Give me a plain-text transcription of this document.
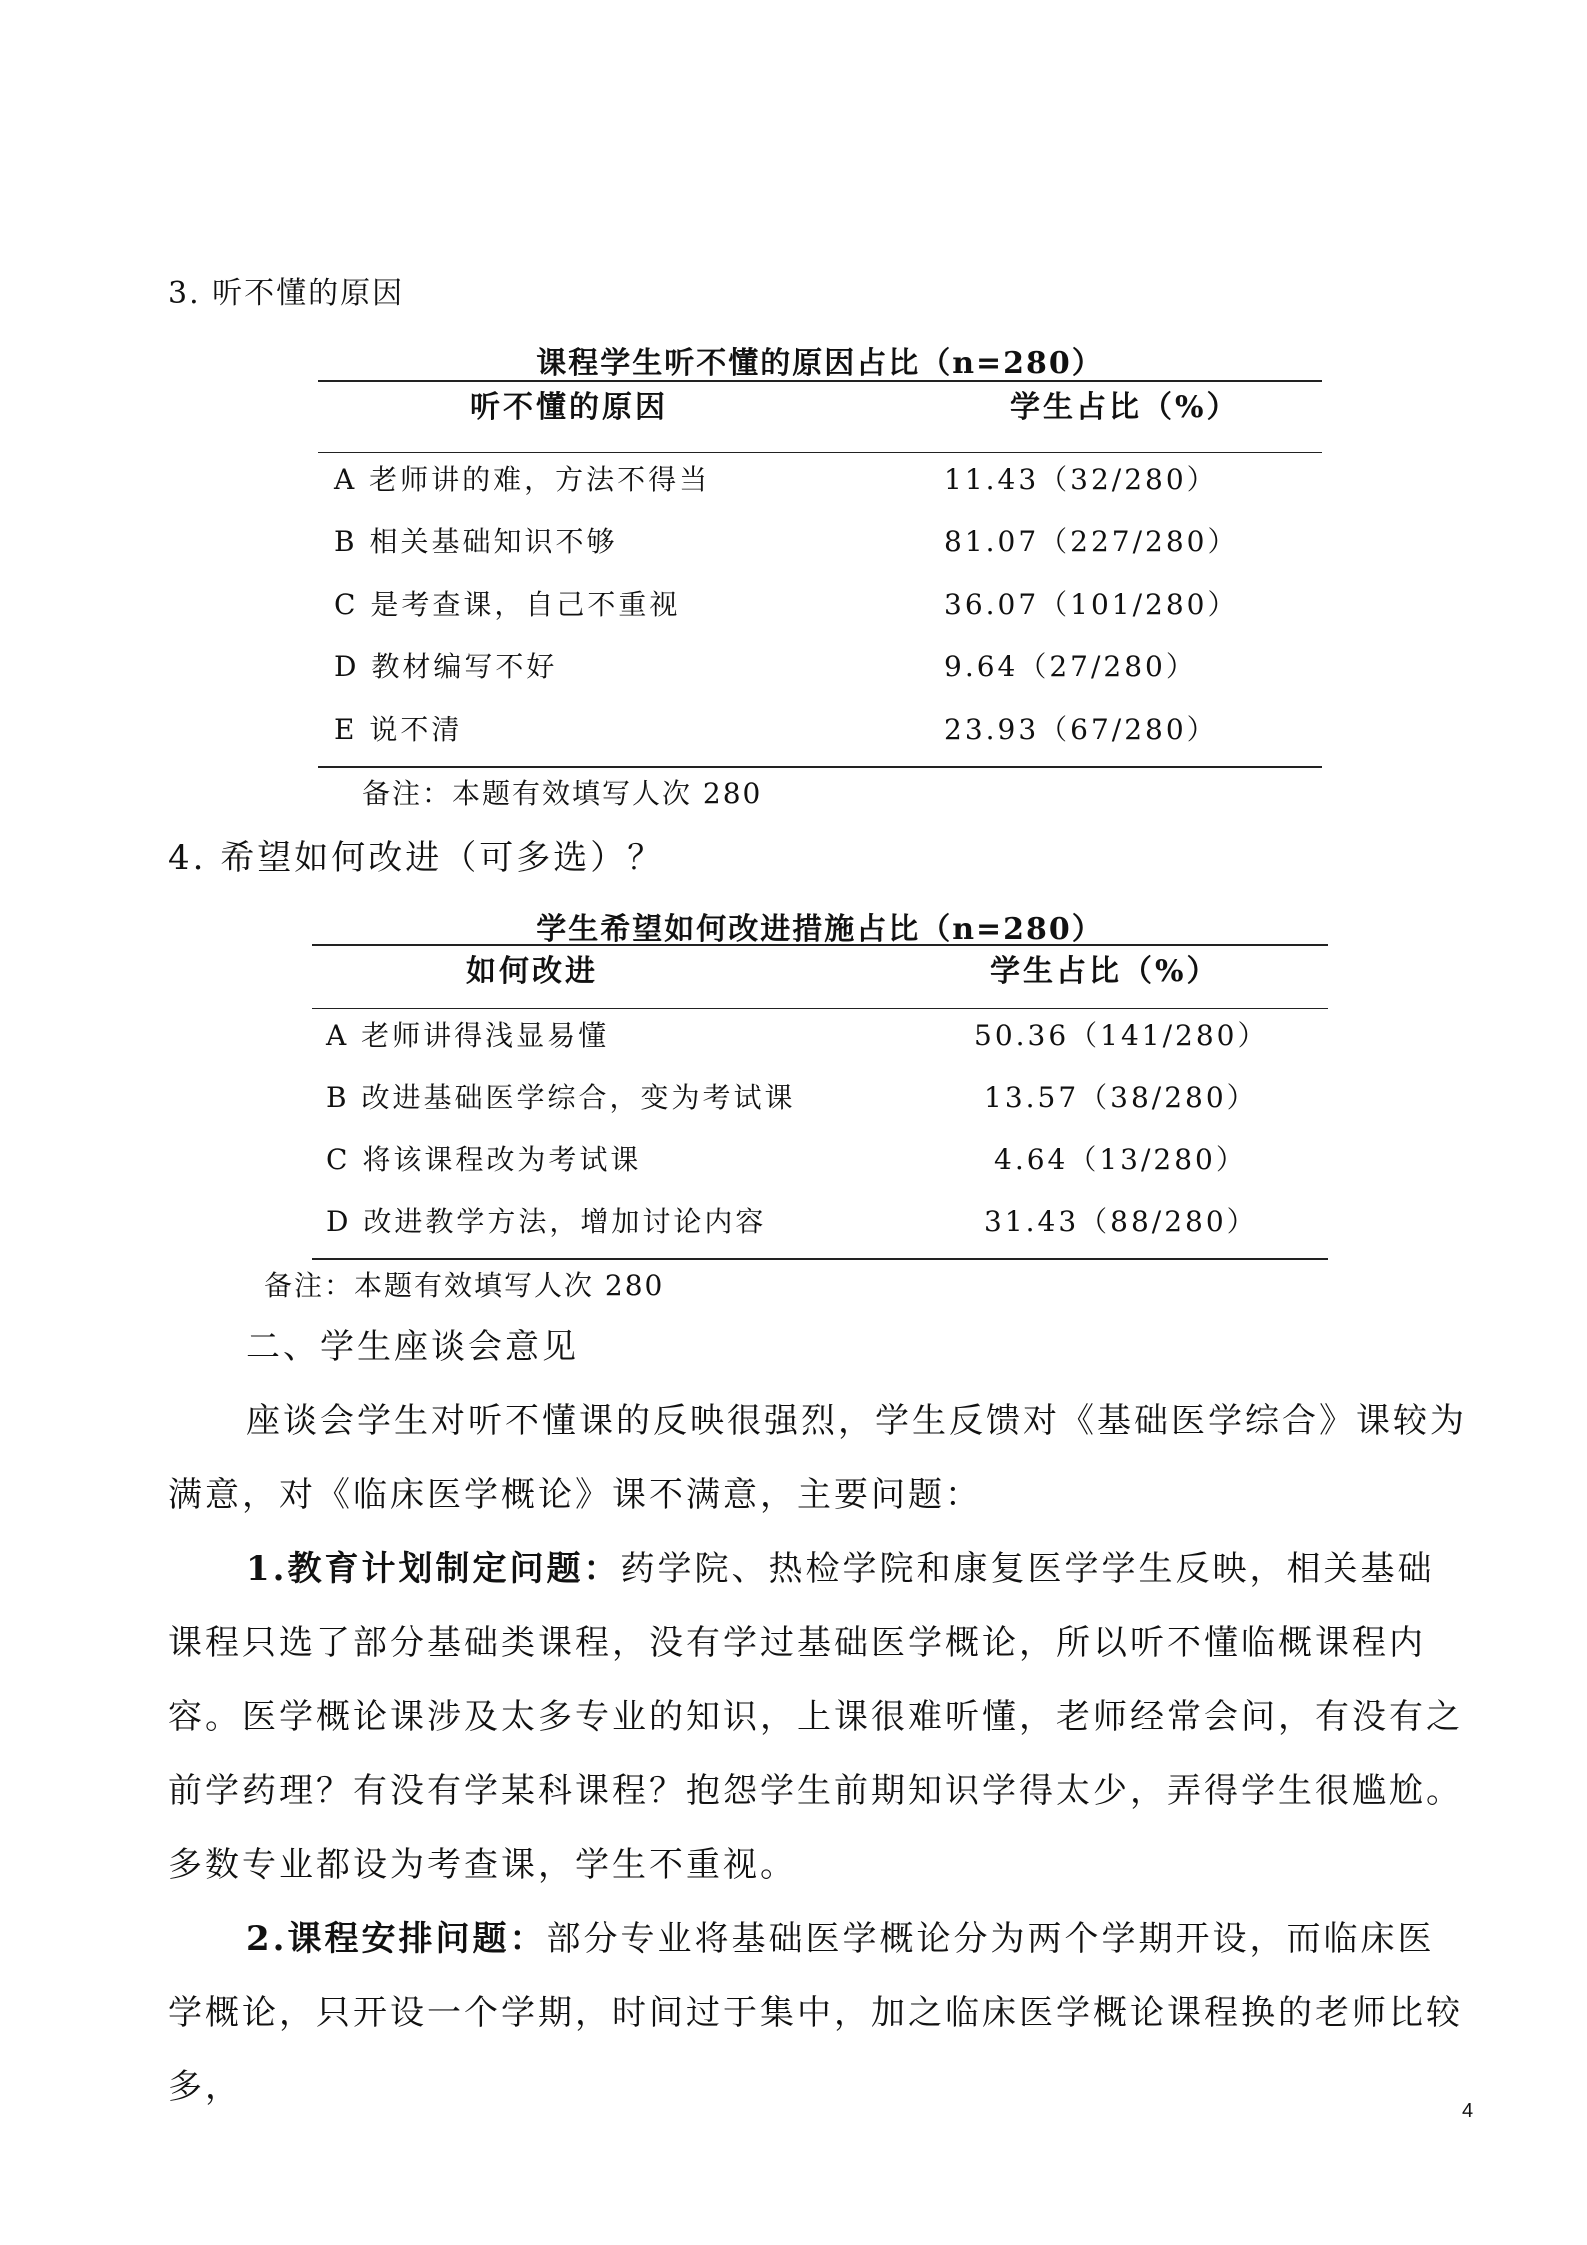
3. 听不懂的原因
课程学生听不懂的原因占比（n=280）
听不懂的原因	学生占比（%）
A 老师讲的难，方法不得当	11.43（32/280）
B 相关基础知识不够	81.07（227/280）
C 是考查课，自己不重视	36.07（101/280）
D 教材编写不好	9.64（27/280）
E 说不清	23.93（67/280）
备注：本题有效填写人次 280
4. 希望如何改进（可多选）？
学生希望如何改进措施占比（n=280）
如何改进	学生占比（%）
A 老师讲得浅显易懂	50.36（141/280）
B 改进基础医学综合，变为考试课	13.57（38/280）
C 将该课程改为考试课	4.64（13/280）
D 改进教学方法，增加讨论内容	31.43（88/280）
备注：本题有效填写人次 280
二、学生座谈会意见
座谈会学生对听不懂课的反映很强烈，学生反馈对《基础医学综合》课较为满意，对《临床医学概论》课不满意，主要问题：
1.教育计划制定问题：药学院、热检学院和康复医学学生反映，相关基础课程只选了部分基础类课程，没有学过基础医学概论，所以听不懂临概课程内容。医学概论课涉及太多专业的知识，上课很难听懂，老师经常会问，有没有之前学药理？有没有学某科课程？抱怨学生前期知识学得太少，弄得学生很尴尬。多数专业都设为考查课，学生不重视。
2.课程安排问题：部分专业将基础医学概论分为两个学期开设，而临床医学概论，只开设一个学期，时间过于集中，加之临床医学概论课程换的老师比较多，
4
